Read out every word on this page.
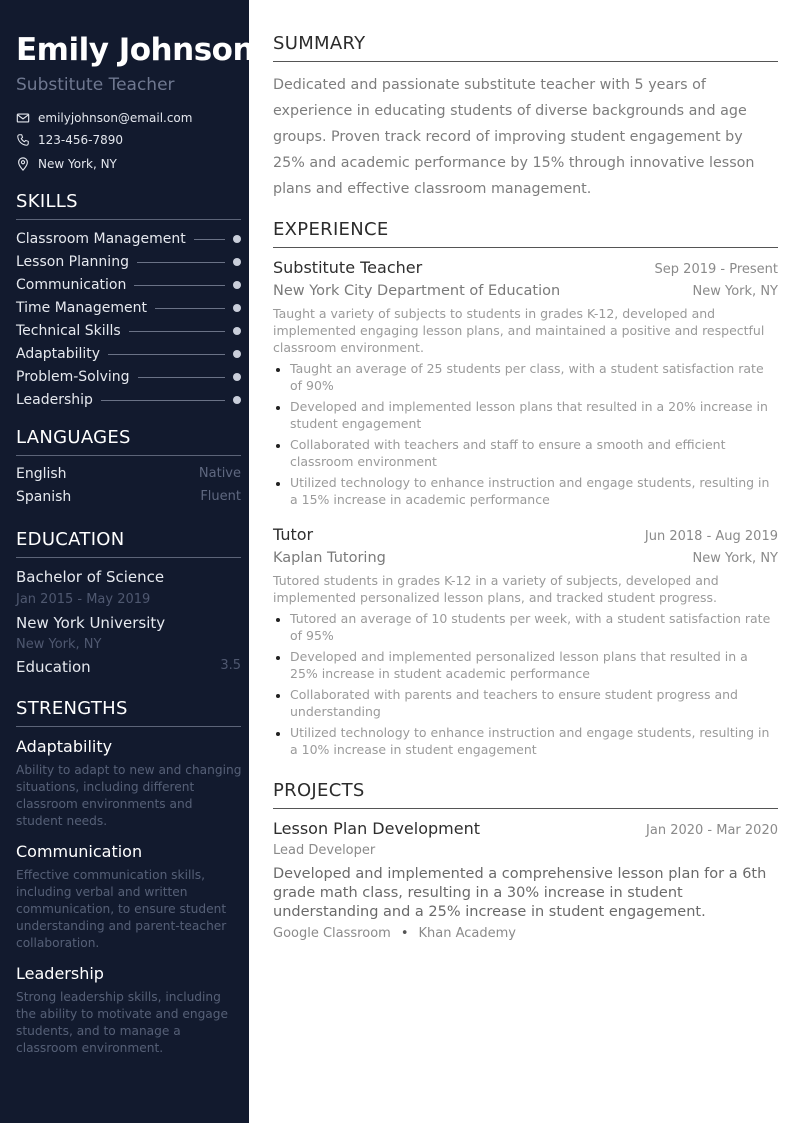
Emily Johnson
Substitute Teacher
emilyjohnson@email.com
123-456-7890
New York, NY
SKILLS
Classroom Management
Lesson Planning
Communication
Time Management
Technical Skills
Adaptability
Problem-Solving
Leadership
LANGUAGES
English	Native
Spanish	Fluent
EDUCATION
Bachelor of Science
Jan 2015 - May 2019
New York University
New York, NY
Education	3.5
STRENGTHS
Adaptability
Ability to adapt to new and changing situations, including different classroom environments and student needs.
Communication
Effective communication skills, including verbal and written communication, to ensure student understanding and parent-teacher collaboration.
Leadership
Strong leadership skills, including the ability to motivate and engage students, and to manage a classroom environment.
SUMMARY
Dedicated and passionate substitute teacher with 5 years of experience in educating students of diverse backgrounds and age groups. Proven track record of improving student engagement by 25% and academic performance by 15% through innovative lesson plans and effective classroom management.
EXPERIENCE
Substitute Teacher	Sep 2019 - Present
New York City Department of Education	New York, NY
Taught a variety of subjects to students in grades K-12, developed and implemented engaging lesson plans, and maintained a positive and respectful classroom environment.
Taught an average of 25 students per class, with a student satisfaction rate of 90%
Developed and implemented lesson plans that resulted in a 20% increase in student engagement
Collaborated with teachers and staff to ensure a smooth and efficient classroom environment
Utilized technology to enhance instruction and engage students, resulting in a 15% increase in academic performance
Tutor	Jun 2018 - Aug 2019
Kaplan Tutoring	New York, NY
Tutored students in grades K-12 in a variety of subjects, developed and implemented personalized lesson plans, and tracked student progress.
Tutored an average of 10 students per week, with a student satisfaction rate of 95%
Developed and implemented personalized lesson plans that resulted in a 25% increase in student academic performance
Collaborated with parents and teachers to ensure student progress and understanding
Utilized technology to enhance instruction and engage students, resulting in a 10% increase in student engagement
PROJECTS
Lesson Plan Development	Jan 2020 - Mar 2020
Lead Developer
Developed and implemented a comprehensive lesson plan for a 6th grade math class, resulting in a 30% increase in student understanding and a 25% increase in student engagement.
Google Classroom • Khan Academy
